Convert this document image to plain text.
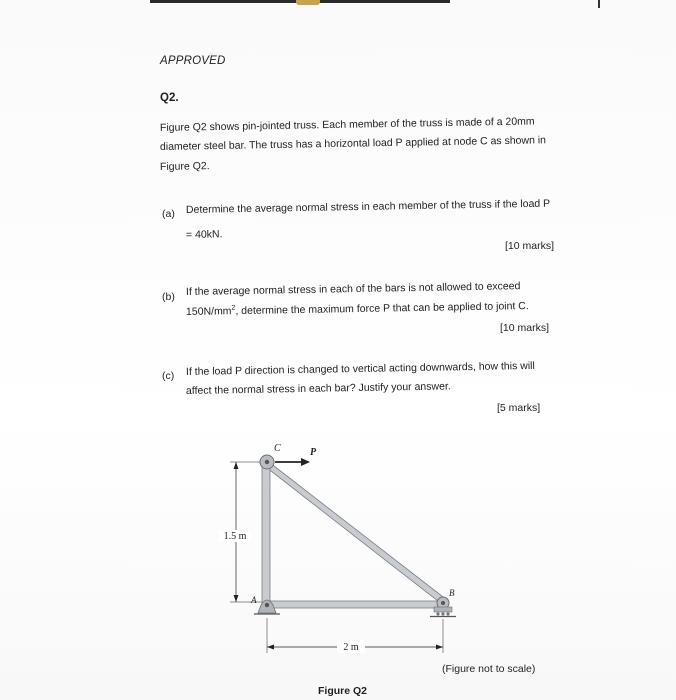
APPROVED
Q2.
Figure Q2 shows pin-jointed truss. Each member of the truss is made of a 20mm
diameter steel bar. The truss has a horizontal load P applied at node C as shown in
Figure Q2.
(a) Determine the average normal stress in each member of the truss if the load P
= 40kN.
[10 marks]
(b) If the average normal stress in each of the bars is not allowed to exceed
$150N/mm^2$, determine the maximum force P that can be applied to joint C.
[10 marks]
(c) If the load P direction is changed to vertical acting downwards, how this will
affect the normal stress in each bar? Justify your answer.
[5 marks]
1.5 m
C	P
A
B
2 m
(Figure not to scale)
Figure Q2
